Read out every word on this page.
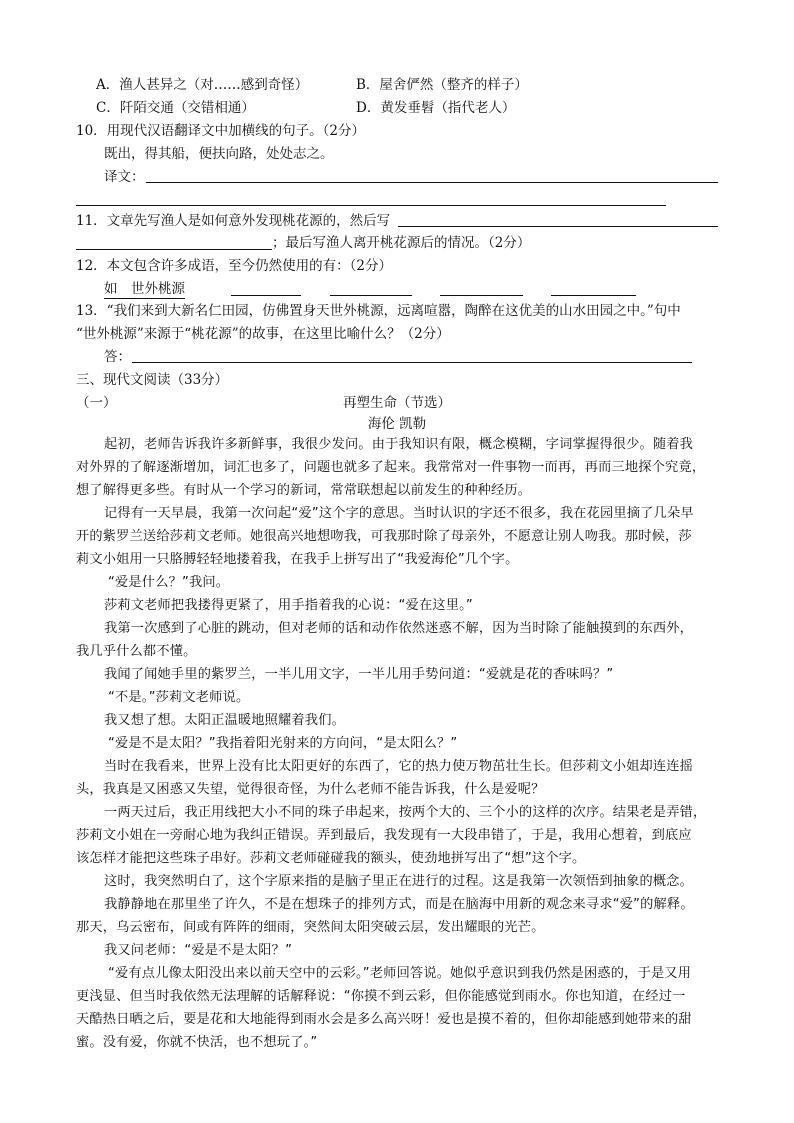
A．渔人甚异之（对……感到奇怪）	B．屋舍俨然（整齐的样子）
C．阡陌交通（交错相通）	D．黄发垂髫（指代老人）
10．用现代汉语翻译文中加横线的句子。（2分）
既出，得其船，便扶向路，处处志之。
译文：
11．文章先写渔人是如何意外发现桃花源的，然后写
；最后写渔人离开桃花源后的情况。（2分）
12．本文包含许多成语，至今仍然使用的有：（2分）
如　世外桃源
13．“我们来到大新名仁田园，仿佛置身天世外桃源，远离喧嚣，陶醉在这优美的山水田园之中。”句中
“世外桃源”来源于“桃花源”的故事，在这里比喻什么？（2分）
答：
三、现代文阅读（33分）
（一）	再塑生命（节选）
海伦 凯勒
起初，老师告诉我许多新鲜事，我很少发问。由于我知识有限，概念模糊，字词掌握得很少。随着我
对外界的了解逐渐增加，词汇也多了，问题也就多了起来。我常常对一件事物一而再，再而三地探个究竟，
想了解得更多些。有时从一个学习的新词，常常联想起以前发生的种种经历。
记得有一天早晨，我第一次问起“爱”这个字的意思。当时认识的字还不很多，我在花园里摘了几朵早
开的紫罗兰送给莎莉文老师。她很高兴地想吻我，可我那时除了母亲外，不愿意让别人吻我。那时候，莎
莉文小姐用一只胳膊轻轻地搂着我，在我手上拼写出了“我爱海伦”几个字。
“爱是什么？”我问。
莎莉文老师把我搂得更紧了，用手指着我的心说：“爱在这里。”
我第一次感到了心脏的跳动，但对老师的话和动作依然迷惑不解，因为当时除了能触摸到的东西外，
我几乎什么都不懂。
我闻了闻她手里的紫罗兰，一半儿用文字，一半儿用手势问道：“爱就是花的香味吗？”
“不是。”莎莉文老师说。
我又想了想。太阳正温暖地照耀着我们。
“爱是不是太阳？”我指着阳光射来的方向问，“是太阳么？”
当时在我看来，世界上没有比太阳更好的东西了，它的热力使万物茁壮生长。但莎莉文小姐却连连摇
头，我真是又困惑又失望，觉得很奇怪，为什么老师不能告诉我，什么是爱呢？
一两天过后，我正用线把大小不同的珠子串起来，按两个大的、三个小的这样的次序。结果老是弄错，
莎莉文小姐在一旁耐心地为我纠正错误。弄到最后，我发现有一大段串错了，于是，我用心想着，到底应
该怎样才能把这些珠子串好。莎莉文老师碰碰我的额头，使劲地拼写出了“想”这个字。
这时，我突然明白了，这个字原来指的是脑子里正在进行的过程。这是我第一次领悟到抽象的概念。
我静静地在那里坐了许久，不是在想珠子的排列方式，而是在脑海中用新的观念来寻求“爱”的解释。
那天，乌云密布，间或有阵阵的细雨，突然间太阳突破云层，发出耀眼的光芒。
我又问老师：“爱是不是太阳？”
“爱有点儿像太阳没出来以前天空中的云彩。”老师回答说。她似乎意识到我仍然是困惑的，于是又用
更浅显、但当时我依然无法理解的话解释说：“你摸不到云彩，但你能感觉到雨水。你也知道，在经过一
天酷热日晒之后，要是花和大地能得到雨水会是多么高兴呀！爱也是摸不着的，但你却能感到她带来的甜
蜜。没有爱，你就不快活，也不想玩了。”
